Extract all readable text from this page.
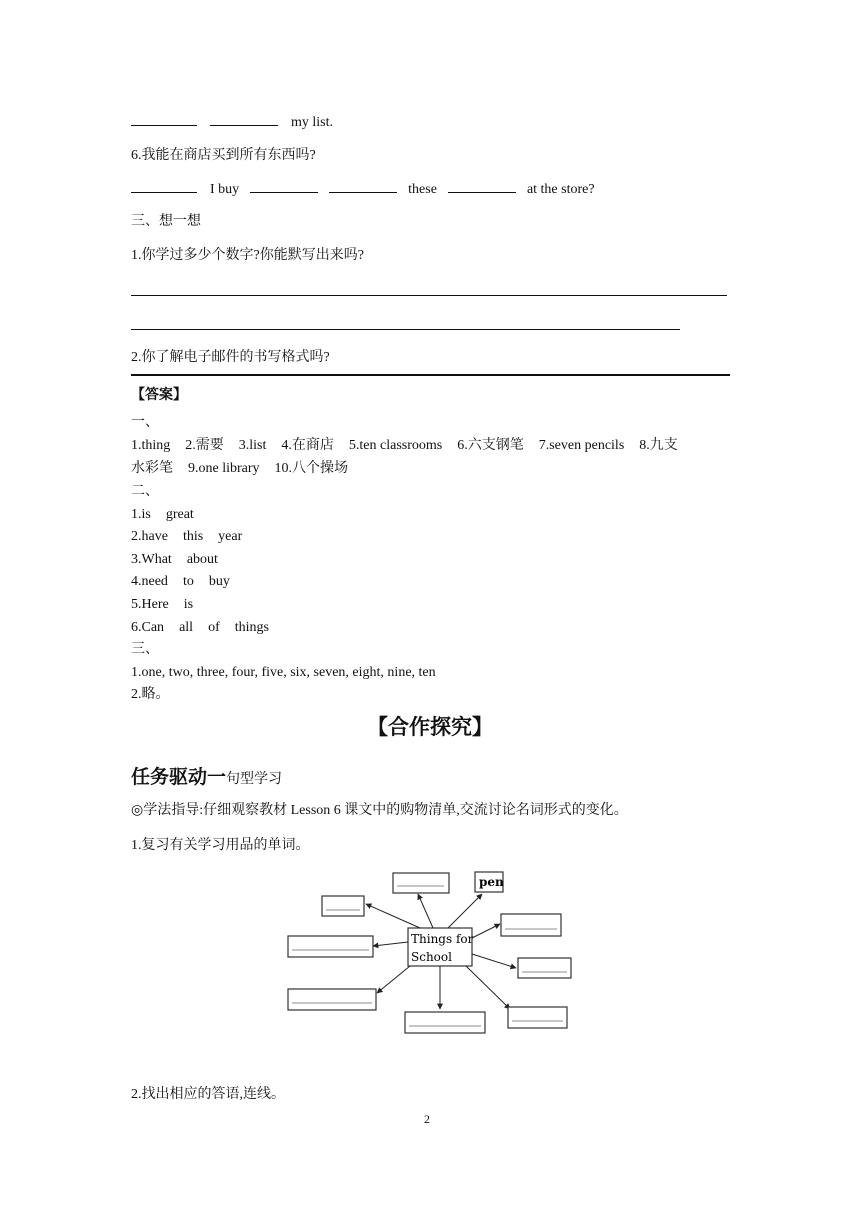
my list.
6.我能在商店买到所有东西吗?
I buy	these	at the store?
三、想一想
1.你学过多少个数字?你能默写出来吗?
2.你了解电子邮件的书写格式吗?
【答案】
一、
1.thing 2.需要 3.list 4.在商店 5.ten classrooms 6.六支钢笔 7.seven pencils 8.九支
水彩笔 9.one library 10.八个操场
二、
1.is great
2.have this year
3.What about
4.need to buy
5.Here is
6.Can all of things
三、
1.one, two, three, four, five, six, seven, eight, nine, ten
2.略。
【合作探究】
任务驱动一句型学习
◎学法指导:仔细观察教材 Lesson 6 课文中的购物清单,交流讨论名词形式的变化。
1.复习有关学习用品的单词。
Things for
School
pen
2.找出相应的答语,连线。
2
